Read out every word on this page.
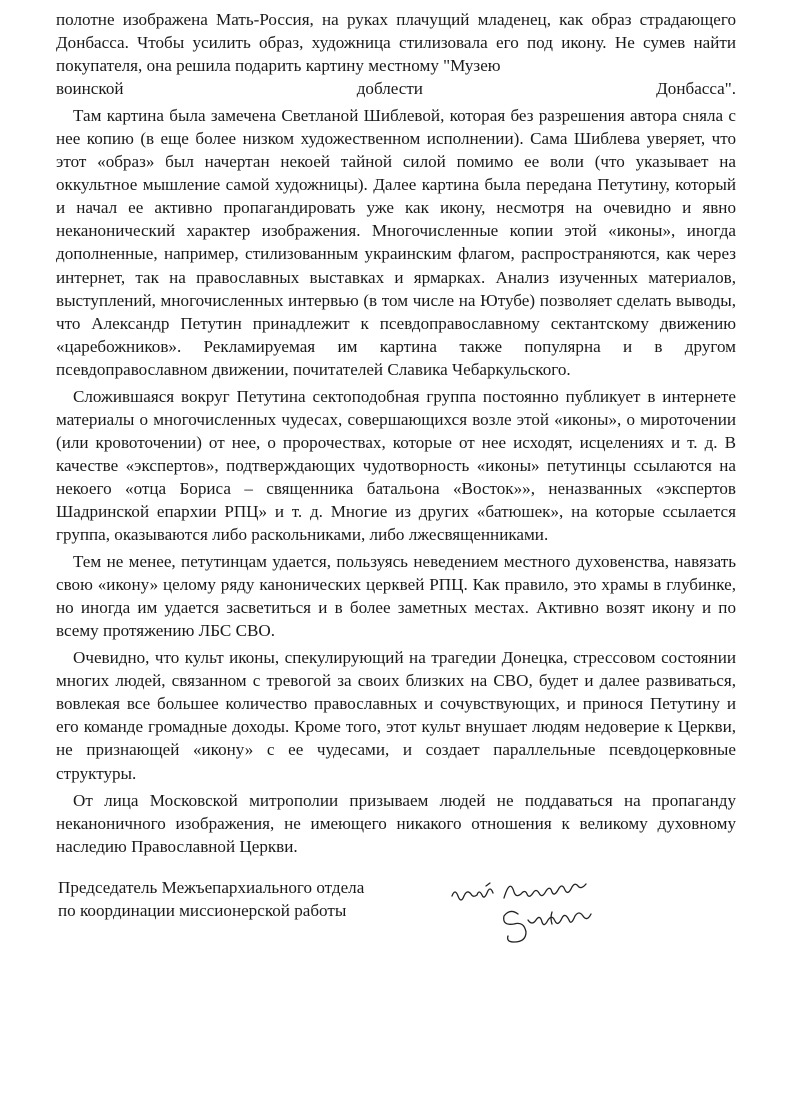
полотне изображена Мать-Россия, на руках плачущий младенец, как образ страдающего Донбасса. Чтобы усилить образ, художница стилизовала его под икону. Не сумев найти покупателя, она решила подарить картину местному "Музею

воинской доблести Донбасса".

Там картина была замечена Светланой Шиблевой, которая без разрешения автора сняла с нее копию (в еще более низком художественном исполнении). Сама Шиблева уверяет, что этот «образ» был начертан некоей тайной силой помимо ее воли (что указывает на оккультное мышление самой художницы). Далее картина была передана Петутину, который и начал ее активно пропагандировать уже как икону, несмотря на очевидно и явно неканонический характер изображения. Многочисленные копии этой «иконы», иногда дополненные, например, стилизованным украинским флагом, распространяются, как через интернет, так на православных выставках и ярмарках. Анализ изученных материалов, выступлений, многочисленных интервью (в том числе на Ютубе) позволяет сделать выводы, что Александр Петутин принадлежит к псевдоправославному сектантскому движению «царебожников». Рекламируемая им картина также популярна и в другом псевдоправославном движении, почитателей Славика Чебаркульского.

Сложившаяся вокруг Петутина сектоподобная группа постоянно публикует в интернете материалы о многочисленных чудесах, совершающихся возле этой «иконы», о мироточении (или кровоточении) от нее, о пророчествах, которые от нее исходят, исцелениях и т. д. В качестве «экспертов», подтверждающих чудотворность «иконы» петутинцы ссылаются на некоего «отца Бориса – священника батальона «Восток»», неназванных «экспертов Шадринской епархии РПЦ» и т. д. Многие из других «батюшек», на которые ссылается группа, оказываются либо раскольниками, либо лжесвященниками.

Тем не менее, петутинцам удается, пользуясь неведением местного духовенства, навязать свою «икону» целому ряду канонических церквей РПЦ. Как правило, это храмы в глубинке, но иногда им удается засветиться и в более заметных местах. Активно возят икону и по всему протяжению ЛБС СВО.

Очевидно, что культ иконы, спекулирующий на трагедии Донецка, стрессовом состоянии многих людей, связанном с тревогой за своих близких на СВО, будет и далее развиваться, вовлекая все большее количество православных и сочувствующих, и принося Петутину и его команде громадные доходы. Кроме того, этот культ внушает людям недоверие к Церкви, не признающей «икону» с ее чудесами, и создает параллельные псевдоцерковные структуры.

От лица Московской митрополии призываем людей не поддаваться на пропаганду неканоничного изображения, не имеющего никакого отношения к великому духовному наследию Православной Церкви.

Председатель Межъепархиального отдела
по координации миссионерской работы
